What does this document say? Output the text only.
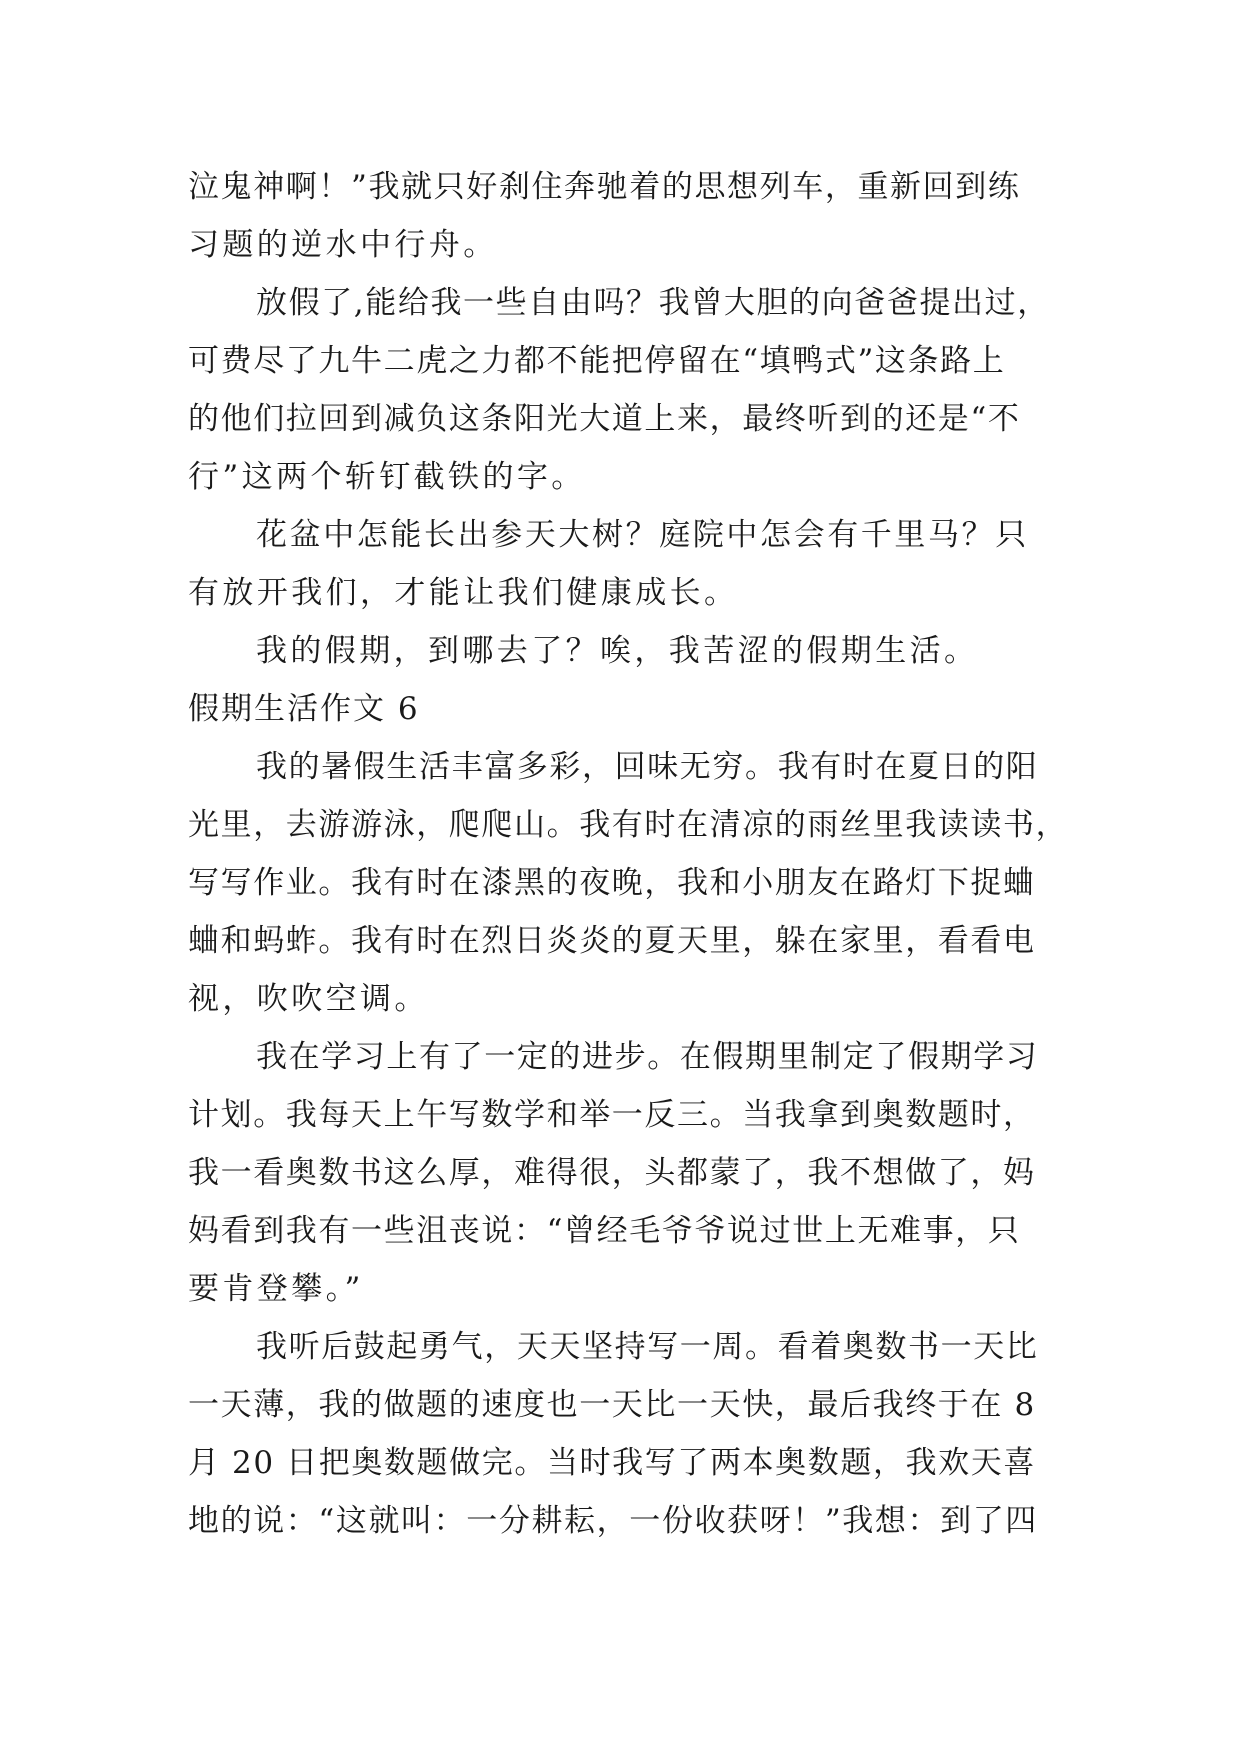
泣鬼神啊！”我就只好刹住奔驰着的思想列车，重新回到练
习题的逆水中行舟。
放假了,能给我一些自由吗？我曾大胆的向爸爸提出过，
可费尽了九牛二虎之力都不能把停留在“填鸭式”这条路上
的他们拉回到减负这条阳光大道上来，最终听到的还是“不
行”这两个斩钉截铁的字。
花盆中怎能长出参天大树？庭院中怎会有千里马？只
有放开我们，才能让我们健康成长。
我的假期，到哪去了？唉，我苦涩的假期生活。
假期生活作文 6
我的暑假生活丰富多彩，回味无穷。我有时在夏日的阳
光里，去游游泳，爬爬山。我有时在清凉的雨丝里我读读书，
写写作业。我有时在漆黑的夜晚，我和小朋友在路灯下捉蛐
蛐和蚂蚱。我有时在烈日炎炎的夏天里，躲在家里，看看电
视，吹吹空调。
我在学习上有了一定的进步。在假期里制定了假期学习
计划。我每天上午写数学和举一反三。当我拿到奥数题时，
我一看奥数书这么厚，难得很，头都蒙了，我不想做了，妈
妈看到我有一些沮丧说：“曾经毛爷爷说过世上无难事，只
要肯登攀。”
我听后鼓起勇气，天天坚持写一周。看着奥数书一天比
一天薄，我的做题的速度也一天比一天快，最后我终于在 8
月 20 日把奥数题做完。当时我写了两本奥数题，我欢天喜
地的说：“这就叫：一分耕耘，一份收获呀！”我想：到了四
